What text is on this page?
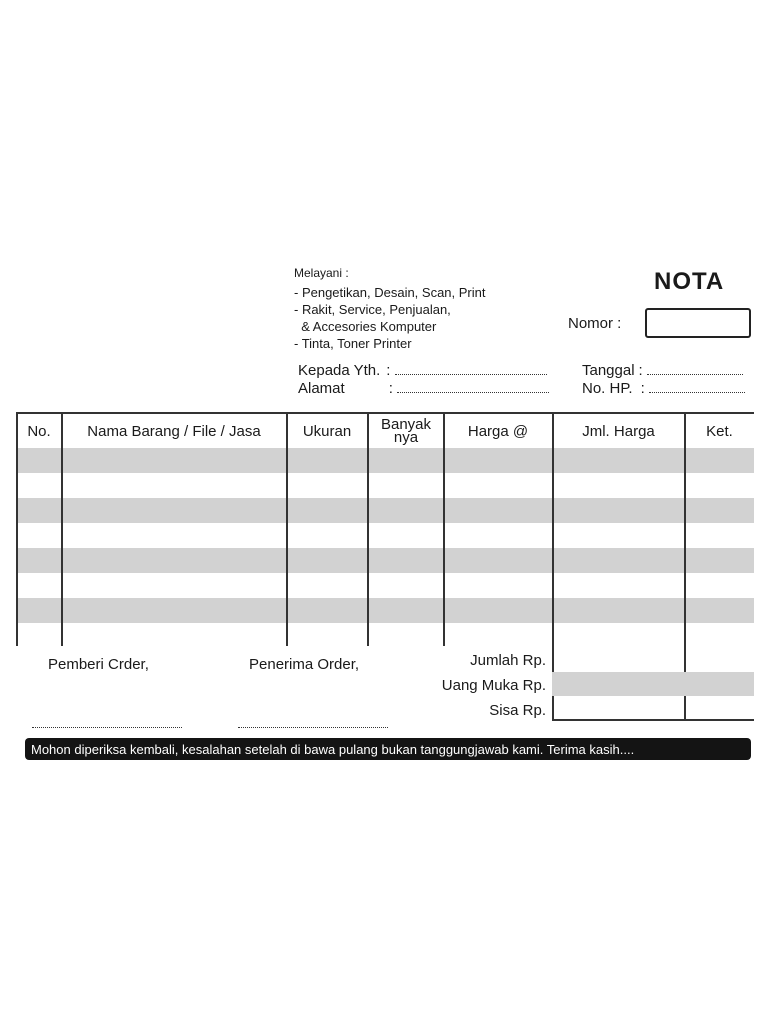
Melayani :
- Pengetikan, Desain, Scan, Print
- Rakit, Service, Penjualan,
& Accesories Komputer
- Tinta, Toner Printer
NOTA
Nomor :
Kepada Yth. :
Alamat	:
Tanggal :
No. HP. :
No.	Nama Barang / File / Jasa	Ukuran	Banyak nya	Harga @	Jml. Harga	Ket.
Pemberi Crder,	Penerima Order,	Jumlah Rp.
Uang Muka Rp.
Sisa Rp.
Mohon diperiksa kembali, kesalahan setelah di bawa pulang bukan tanggungjawab kami. Terima kasih....
